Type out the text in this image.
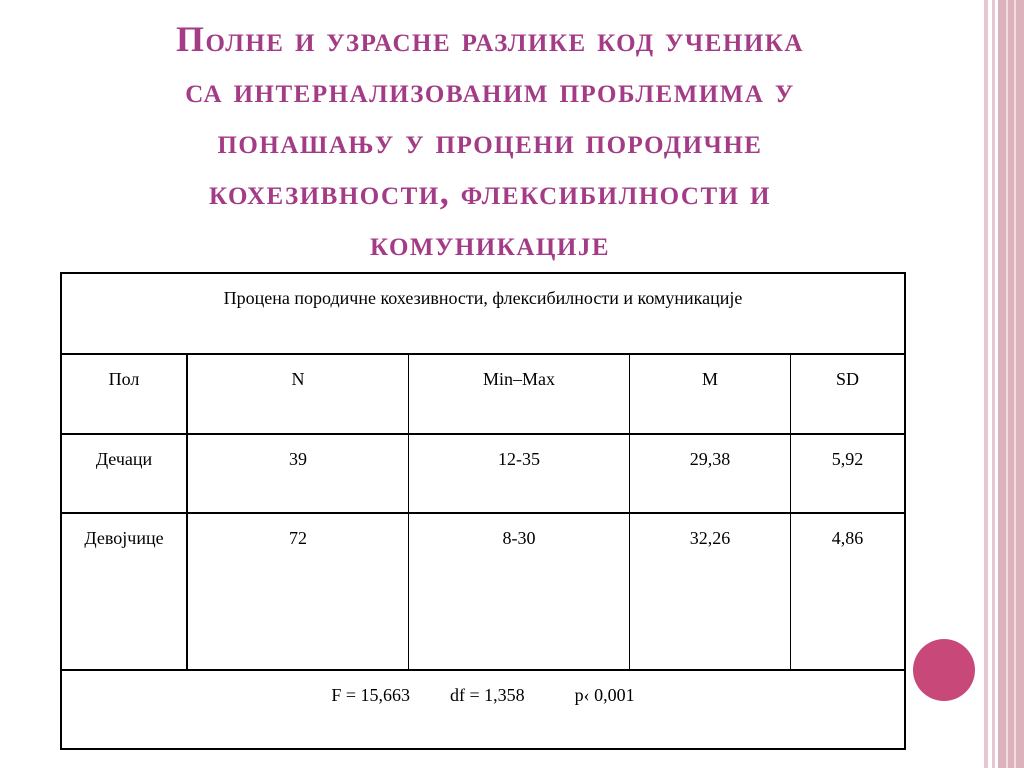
Полне и узрасне разлике код ученика
са интернализованим проблемима у
понашању у процени породичне
кохезивности, флексибилности и
комуникације
Процена породичне кохезивности, флексибилности и комуникације				
Пол	N	Min–Max	M	SD
Дечаци	39	12-35	29,38	5,92
Девојчице	72	8-30	32,26	4,86
F = 15,663 df = 1,358 p‹ 0,001				
